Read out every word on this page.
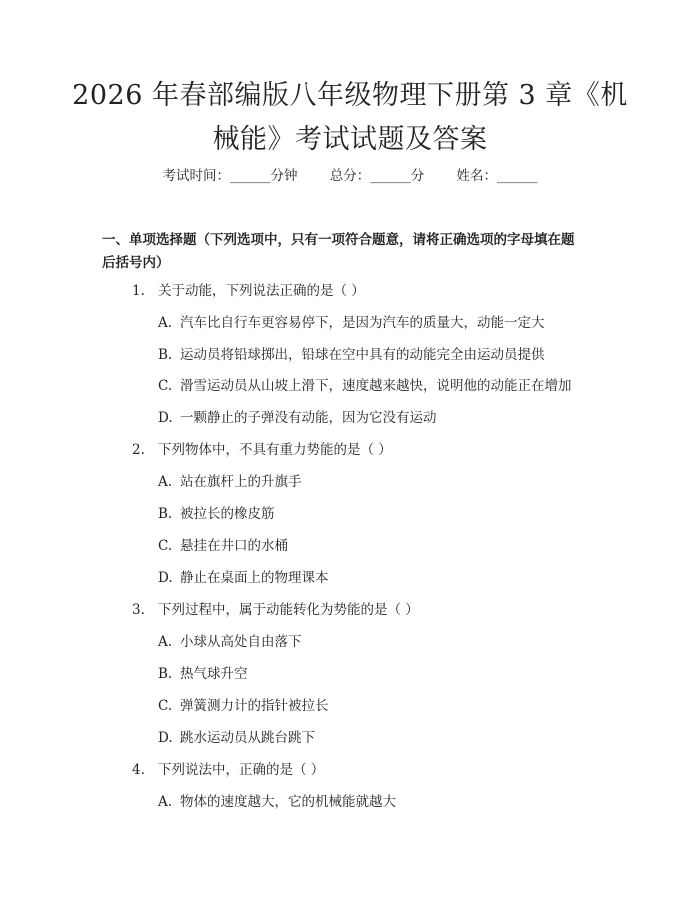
2026 年春部编版八年级物理下册第 3 章《机
械能》考试试题及答案
考试时间：______分钟 总分：______分 姓名：______
一、单项选择题（下列选项中，只有一项符合题意，请将正确选项的字母填在题
后括号内）
1. 关于动能，下列说法正确的是（ ）
A. 汽车比自行车更容易停下，是因为汽车的质量大，动能一定大
B. 运动员将铅球掷出，铅球在空中具有的动能完全由运动员提供
C. 滑雪运动员从山坡上滑下，速度越来越快，说明他的动能正在增加
D. 一颗静止的子弹没有动能，因为它没有运动
2. 下列物体中，不具有重力势能的是（ ）
A. 站在旗杆上的升旗手
B. 被拉长的橡皮筋
C. 悬挂在井口的水桶
D. 静止在桌面上的物理课本
3. 下列过程中，属于动能转化为势能的是（ ）
A. 小球从高处自由落下
B. 热气球升空
C. 弹簧测力计的指针被拉长
D. 跳水运动员从跳台跳下
4. 下列说法中，正确的是（ ）
A. 物体的速度越大，它的机械能就越大
